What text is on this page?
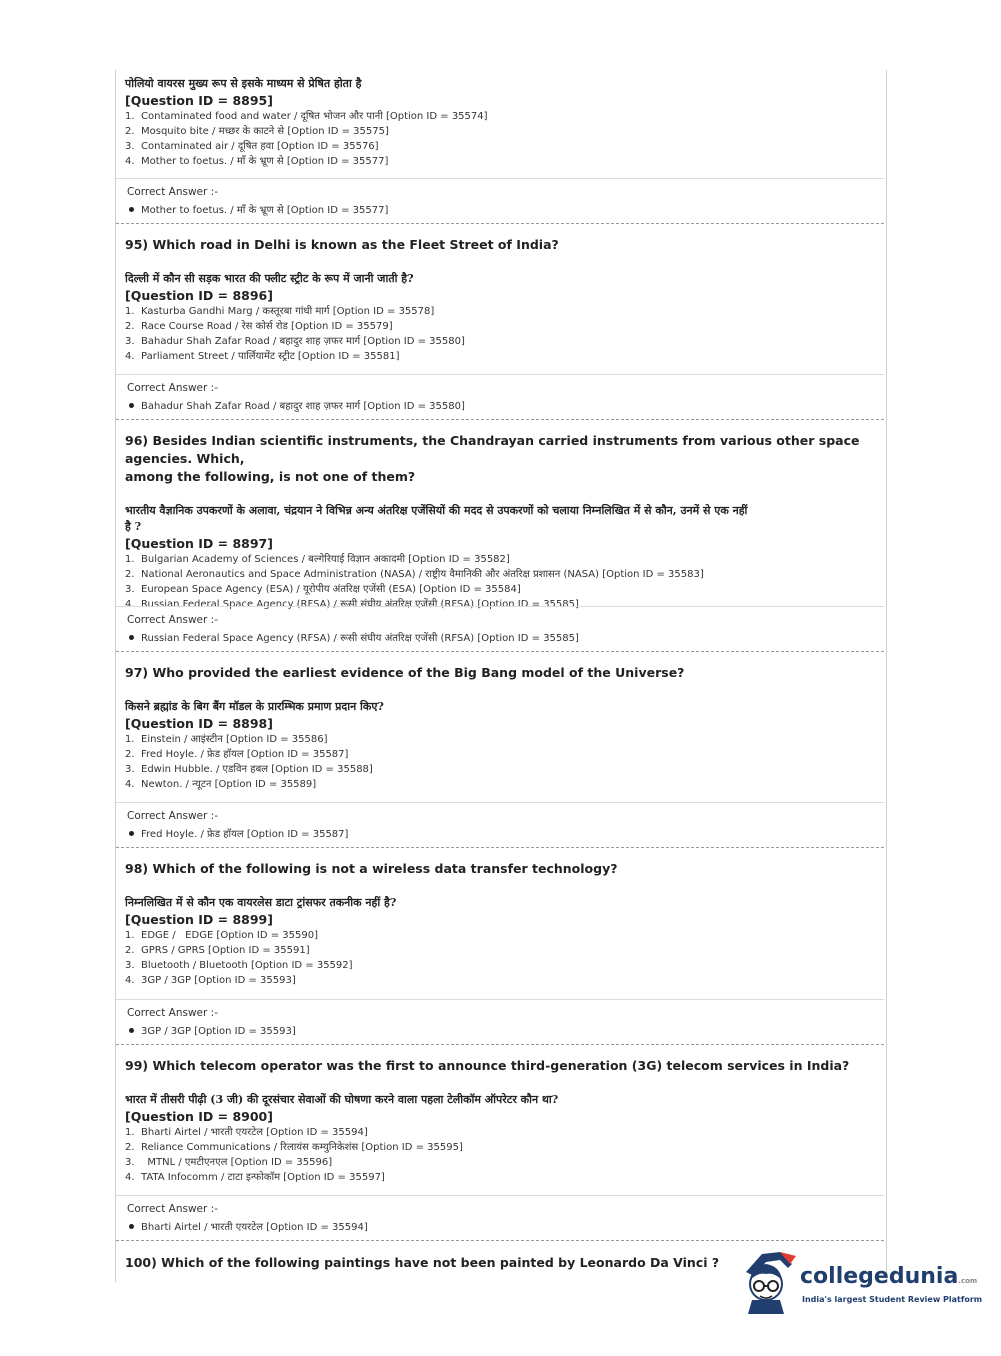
पोलियो वायरस मुख्य रूप से इसके माध्यम से प्रेषित होता है
[Question ID = 8895]
1. Contaminated food and water / दूषित भोजन और पानी [Option ID = 35574]
2. Mosquito bite / मच्छर के काटने से [Option ID = 35575]
3. Contaminated air / दूषित हवा [Option ID = 35576]
4. Mother to foetus. / माँ के भ्रूण से [Option ID = 35577]
Correct Answer :-
Mother to foetus. / माँ के भ्रूण से [Option ID = 35577]
95) Which road in Delhi is known as the Fleet Street of India?
दिल्ली में कौन सी सड़क भारत की फ्लीट स्ट्रीट के रूप में जानी जाती है?
[Question ID = 8896]
1. Kasturba Gandhi Marg / कस्तूरबा गांधी मार्ग [Option ID = 35578]
2. Race Course Road / रेस कोर्स रोड [Option ID = 35579]
3. Bahadur Shah Zafar Road / बहादुर शाह ज़फर मार्ग [Option ID = 35580]
4. Parliament Street / पार्लियामेंट स्ट्रीट [Option ID = 35581]
Correct Answer :-
Bahadur Shah Zafar Road / बहादुर शाह ज़फर मार्ग [Option ID = 35580]
96) Besides Indian scientific instruments, the Chandrayan carried instruments from various other space agencies. Which,
among the following, is not one of them?
भारतीय वैज्ञानिक उपकरणों के अलावा, चंद्रयान ने विभिन्न अन्य अंतरिक्ष एजेंसियों की मदद से उपकरणों को चलाया निम्नलिखित में से कौन, उनमें से एक नहीं
है ?
[Question ID = 8897]
1. Bulgarian Academy of Sciences / बल्गेरियाई विज्ञान अकादमी [Option ID = 35582]
2. National Aeronautics and Space Administration (NASA) / राष्ट्रीय वैमानिकी और अंतरिक्ष प्रशासन (NASA) [Option ID = 35583]
3. European Space Agency (ESA) / यूरोपीय अंतरिक्ष एजेंसी (ESA) [Option ID = 35584]
4. Russian Federal Space Agency (RFSA) / रूसी संघीय अंतरिक्ष एजेंसी (RFSA) [Option ID = 35585]
Correct Answer :-
Russian Federal Space Agency (RFSA) / रूसी संघीय अंतरिक्ष एजेंसी (RFSA) [Option ID = 35585]
97) Who provided the earliest evidence of the Big Bang model of the Universe?
किसने ब्रह्मांड के बिग बैंग मॉडल के प्रारम्भिक प्रमाण प्रदान किए?
[Question ID = 8898]
1. Einstein / आइंस्टीन [Option ID = 35586]
2. Fred Hoyle. / फ्रेड हॉयल [Option ID = 35587]
3. Edwin Hubble. / एडविन हबल [Option ID = 35588]
4. Newton. / न्यूटन [Option ID = 35589]
Correct Answer :-
Fred Hoyle. / फ्रेड हॉयल [Option ID = 35587]
98) Which of the following is not a wireless data transfer technology?
निम्नलिखित में से कौन एक वायरलेस डाटा ट्रांसफर तकनीक नहीं है?
[Question ID = 8899]
1. EDGE /   EDGE [Option ID = 35590]
2. GPRS / GPRS [Option ID = 35591]
3. Bluetooth / Bluetooth [Option ID = 35592]
4. 3GP / 3GP [Option ID = 35593]
Correct Answer :-
3GP / 3GP [Option ID = 35593]
99) Which telecom operator was the first to announce third-generation (3G) telecom services in India?
भारत में तीसरी पीढ़ी (3 जी) की दूरसंचार सेवाओं की घोषणा करने वाला पहला टेलीकॉम ऑपरेटर कौन था?
[Question ID = 8900]
1. Bharti Airtel / भारती एयरटेल [Option ID = 35594]
2. Reliance Communications / रिलायंस कम्युनिकेशंस [Option ID = 35595]
3.  MTNL / एमटीएनएल [Option ID = 35596]
4. TATA Infocomm / टाटा इन्फोकॉम [Option ID = 35597]
Correct Answer :-
Bharti Airtel / भारती एयरटेल [Option ID = 35594]
100) Which of the following paintings have not been painted by Leonardo Da Vinci ?
collegedunia.com
India's largest Student Review Platform
